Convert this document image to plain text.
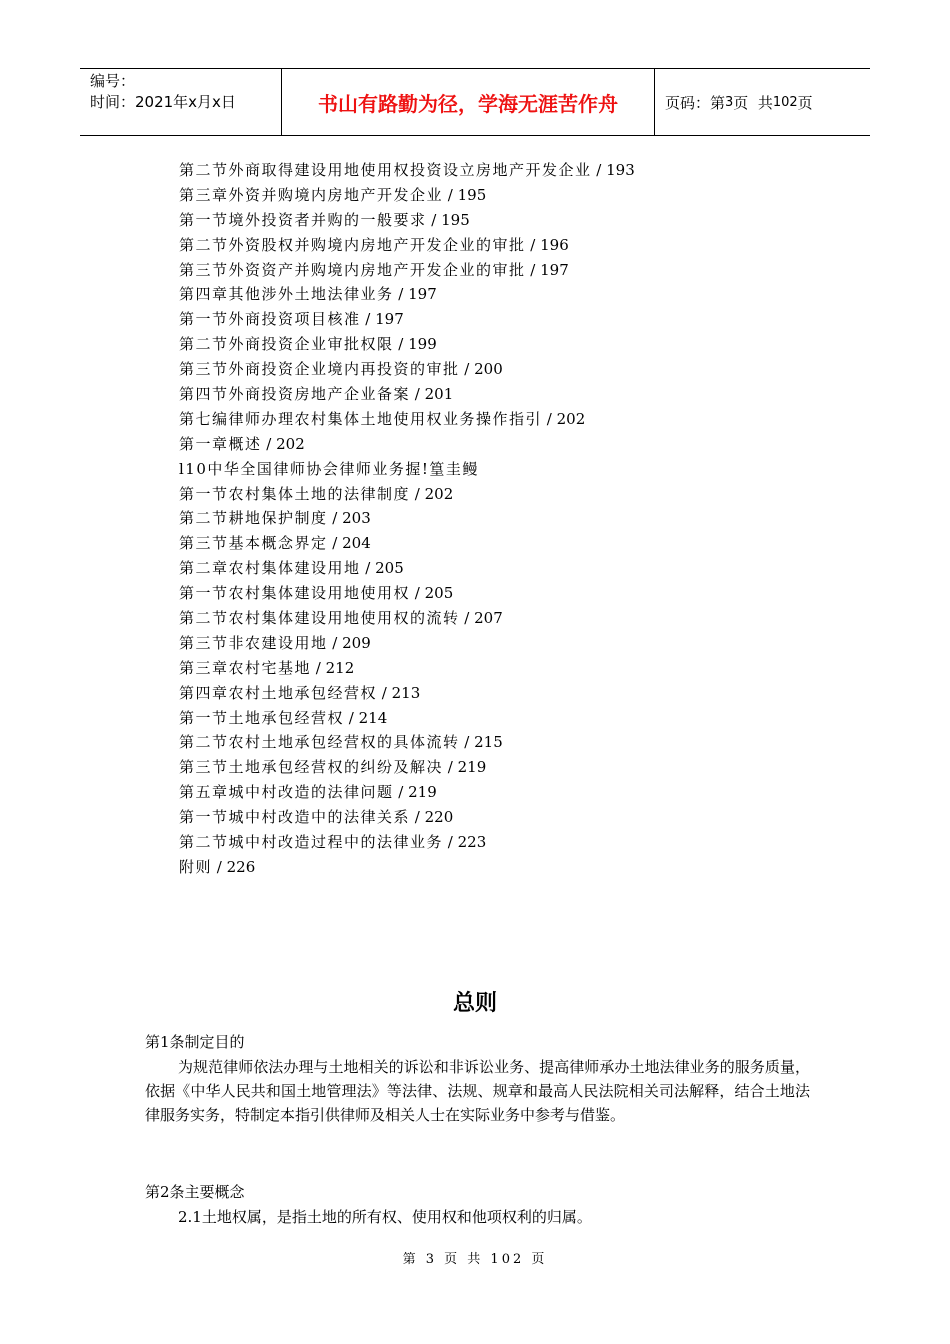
编号：
时间：2021年x月x日	书山有路勤为径，学海无涯苦作舟	页码：第 3 页  共 102 页
第二节外商取得建设用地使用权投资设立房地产开发企业 / 193
第三章外资并购境内房地产开发企业 / 195
第一节境外投资者并购的一般要求 / 195
第二节外资股权并购境内房地产开发企业的审批 / 196
第三节外资资产并购境内房地产开发企业的审批 / 197
第四章其他涉外土地法律业务 / 197
第一节外商投资项目核准 / 197
第二节外商投资企业审批权限 / 199
第三节外商投资企业境内再投资的审批 / 200
第四节外商投资房地产企业备案 / 201
第七编律师办理农村集体土地使用权业务操作指引 / 202
第一章概述 / 202
l10中华全国律师协会律师业务握!篁圭鳗
第一节农村集体土地的法律制度 / 202
第二节耕地保护制度 / 203
第三节基本概念界定 / 204
第二章农村集体建设用地 / 205
第一节农村集体建设用地使用权 / 205
第二节农村集体建设用地使用权的流转 / 207
第三节非农建设用地 / 209
第三章农村宅基地 / 212
第四章农村土地承包经营权 / 213
第一节土地承包经营权 / 214
第二节农村土地承包经营权的具体流转 / 215
第三节土地承包经营权的纠纷及解决 / 219
第五章城中村改造的法律问题 / 219
第一节城中村改造中的法律关系 / 220
第二节城中村改造过程中的法律业务 / 223
附则 / 226
总则
第1条制定目的
为规范律师依法办理与土地相关的诉讼和非诉讼业务、提高律师承办土地法律业务的服务质量，依据《中华人民共和国土地管理法》等法律、法规、规章和最高人民法院相关司法解释，结合土地法律服务实务，特制定本指引供律师及相关人士在实际业务中参考与借鉴。
第2条主要概念
2.1土地权属，是指土地的所有权、使用权和他项权利的归属。
第 3 页 共 102 页
